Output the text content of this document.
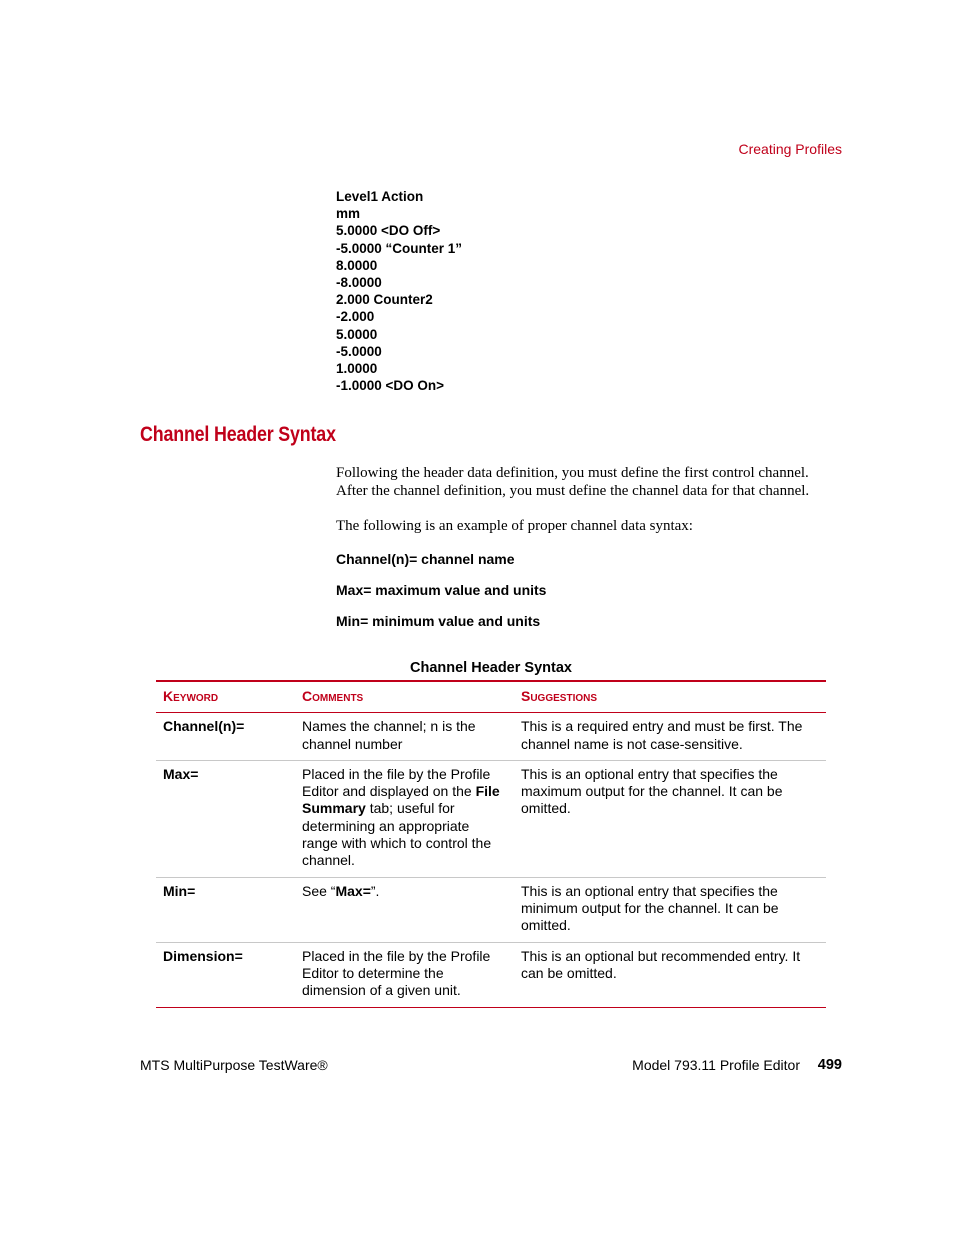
Creating Profiles
Level1 Action
mm
5.0000 <DO Off>
-5.0000 “Counter 1”
8.0000
-8.0000
2.000 Counter2
-2.000
5.0000
-5.0000
1.0000
-1.0000 <DO On>
Channel Header Syntax
Following the header data definition, you must define the first control channel. After the channel definition, you must define the channel data for that channel.
The following is an example of proper channel data syntax:
Channel(n)= channel name
Max= maximum value and units
Min= minimum value and units
Channel Header Syntax
Keyword	Comments	Suggestions
Channel(n)=	Names the channel; n is the channel number	This is a required entry and must be first. The channel name is not case-sensitive.
Max=	Placed in the file by the Profile Editor and displayed on the File Summary tab; useful for determining an appropriate range with which to control the channel.	This is an optional entry that specifies the maximum output for the channel. It can be omitted.
Min=	See “Max=”.	This is an optional entry that specifies the minimum output for the channel. It can be omitted.
Dimension=	Placed in the file by the Profile Editor to determine the dimension of a given unit.	This is an optional but recommended entry. It can be omitted.
MTS MultiPurpose TestWare®	Model 793.11 Profile Editor 499
